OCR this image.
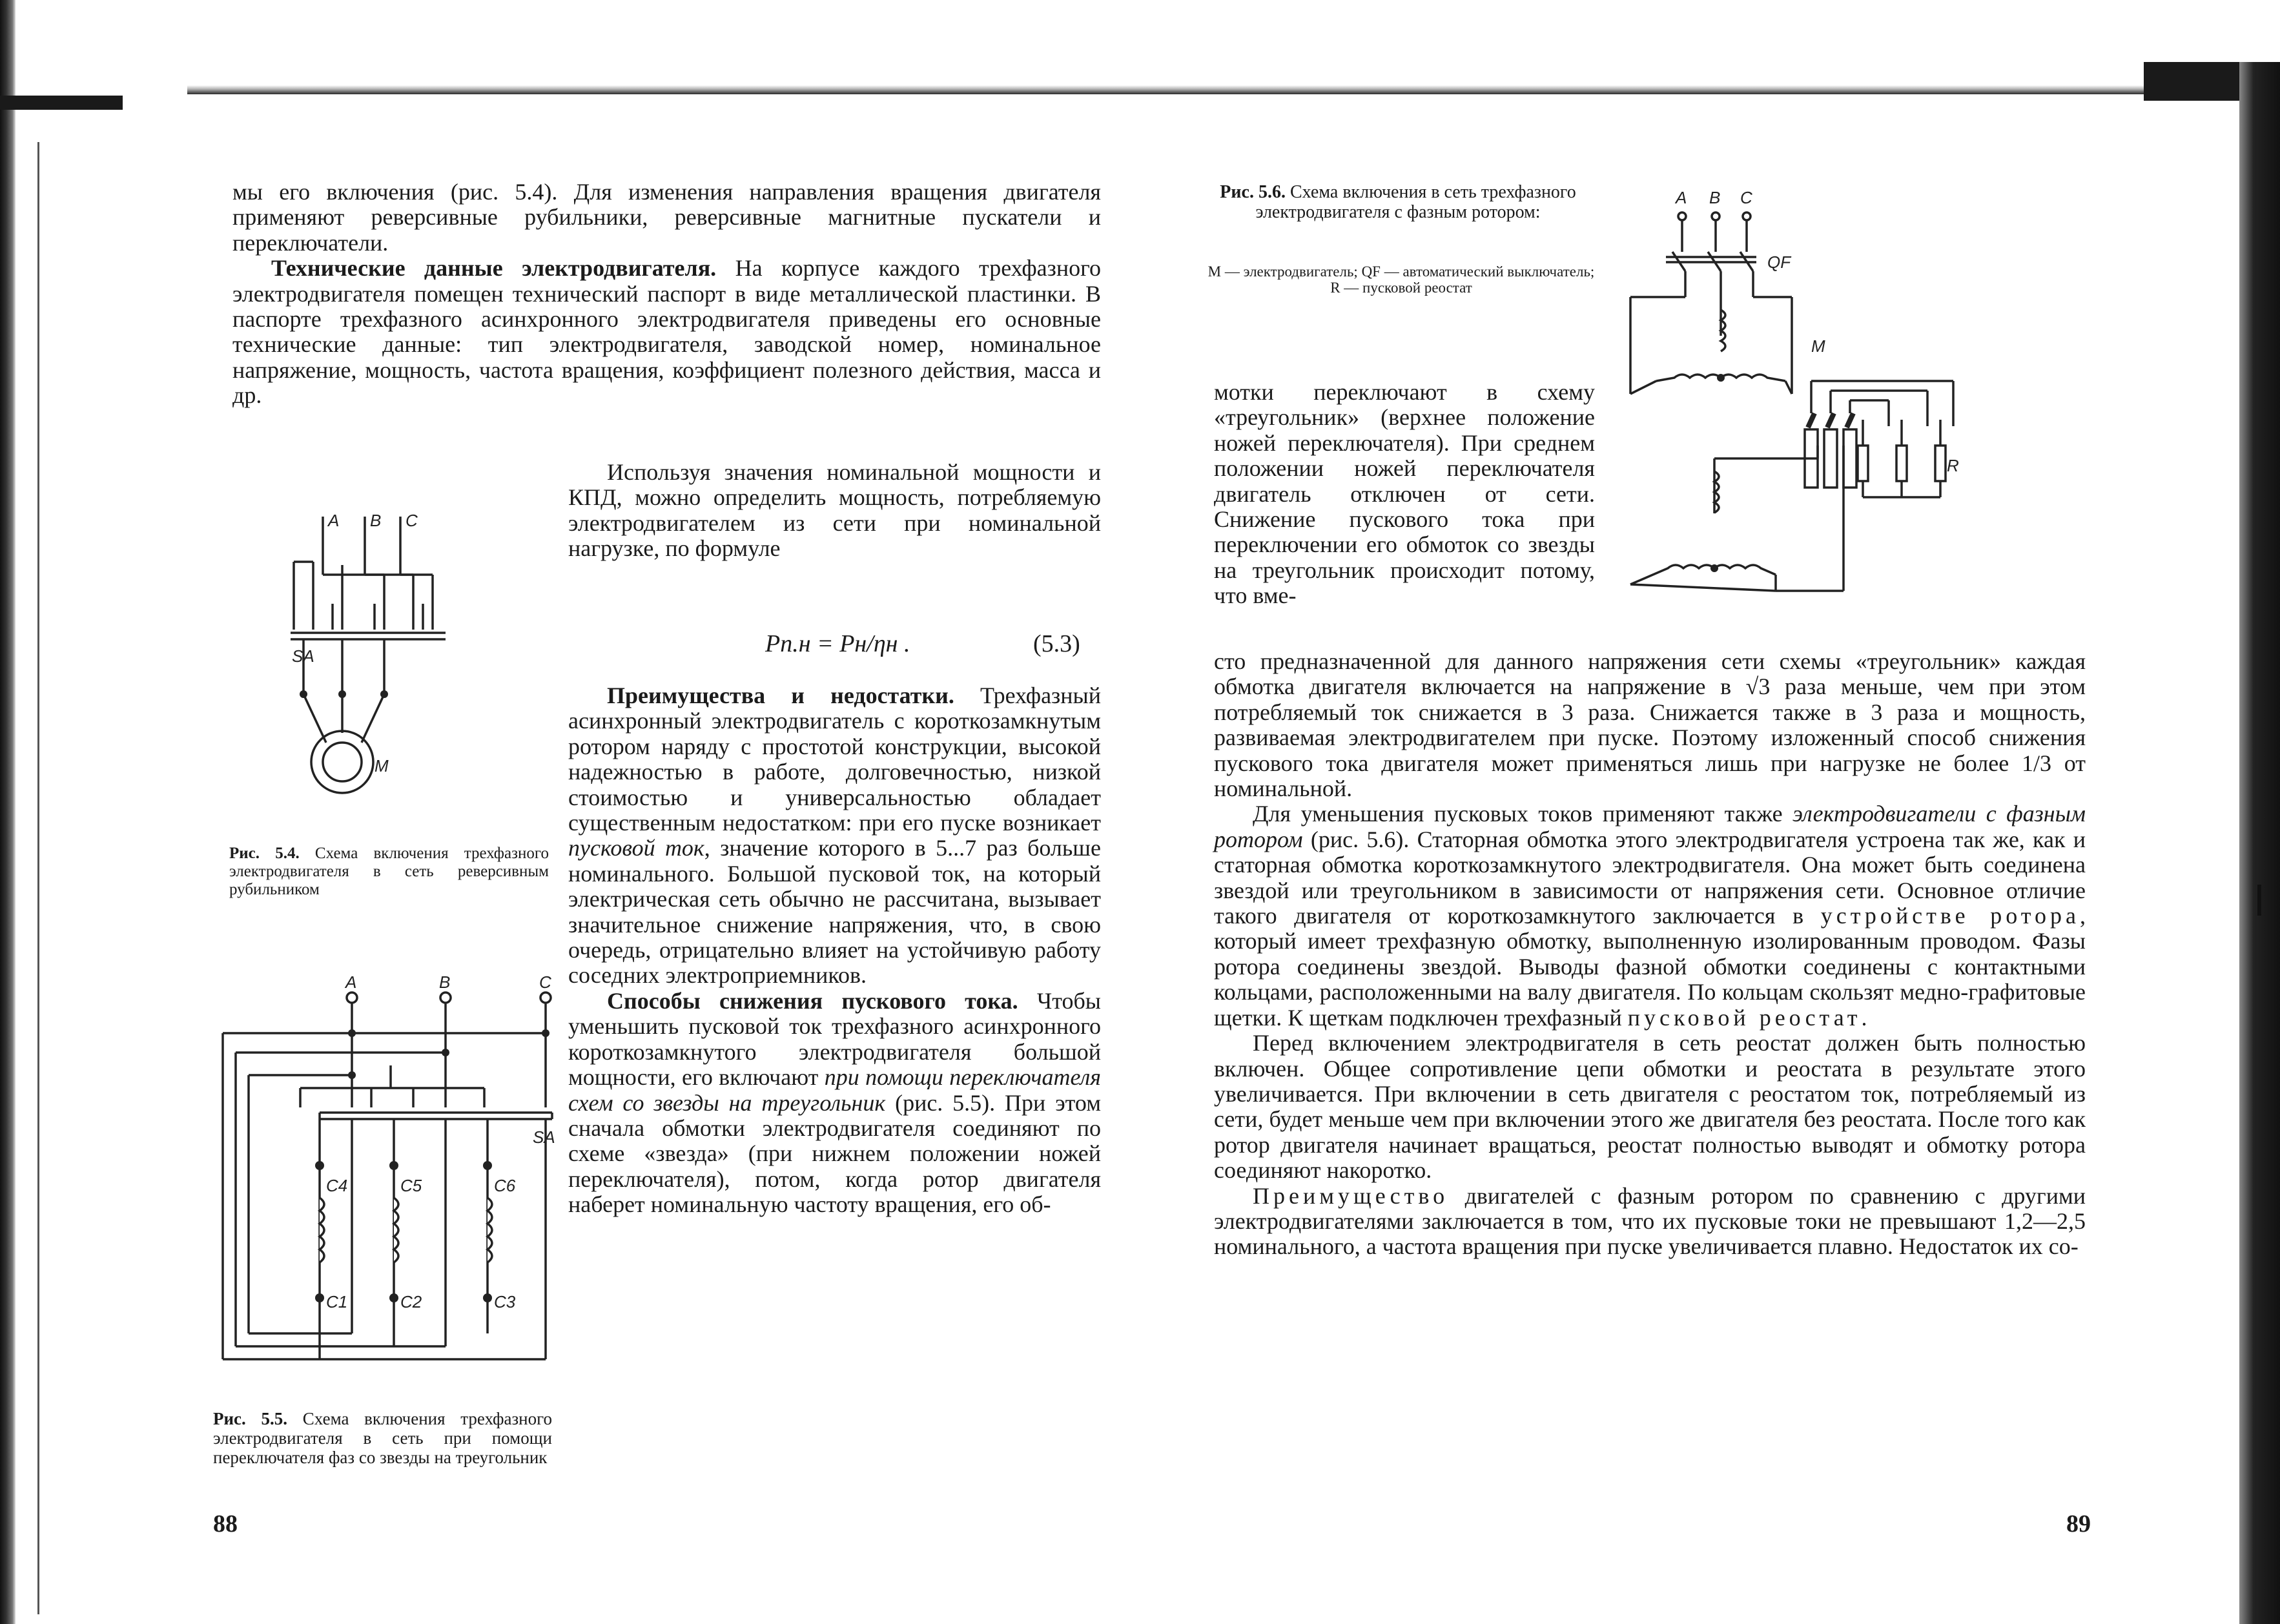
мы его включения (рис. 5.4). Для изменения направления вращения двигателя применяют реверсивные рубильники, реверсивные магнитные пускатели и переключатели.

Технические данные электродвигателя. На корпусе каждого трехфазного электродвигателя помещен технический паспорт в виде металлической пластинки. В паспорте трехфазного асинхронного электродвигателя приведены его основные технические данные: тип электродвигателя, заводской номер, номинальное напряжение, мощность, частота вращения, коэффициент полезного действия, масса и др.

Используя значения номинальной мощности и КПД, можно определить мощность, потребляемую электродвигателем из сети при номинальной нагрузке, по формуле

Pп.н = Pн/ηн .	(5.3)

Преимущества и недостатки. Трехфазный асинхронный электродвигатель с короткозамкнутым ротором наряду с простотой конструкции, высокой надежностью в работе, долговечностью, низкой стоимостью и универсальностью обладает существенным недостатком: при его пуске возникает пусковой ток, значение которого в 5...7 раз больше номинального. Большой пусковой ток, на который электрическая сеть обычно не рассчитана, вызывает значительное снижение напряжения, что, в свою очередь, отрицательно влияет на устойчивую работу соседних электроприемников.

Способы снижения пускового тока. Чтобы уменьшить пусковой ток трехфазного асинхронного короткозамкнутого электродвигателя большой мощности, его включают при помощи переключателя схем со звезды на треугольник (рис. 5.5). При этом сначала обмотки электродвигателя соединяют по схеме «звезда» (при нижнем положении ножей переключателя), потом, когда ротор двигателя наберет номинальную частоту вращения, его об-

A B C
SA
M
Рис. 5.4. Схема включения трехфазного электродвигателя в сеть реверсивным рубильником
A	B	C
SA
C4	C5	C6
C1	C2	C3
Рис. 5.5. Схема включения трехфазного электродвигателя в сеть при помощи переключателя фаз со звезды на треугольник
88
Рис. 5.6. Схема включения в сеть трехфазного электродвигателя с фазным ротором:
M — электродвигатель; QF — автоматический выключатель; R — пусковой реостат
A B C
QF
M
R

мотки переключают в схему «треугольник» (верхнее положение ножей переключателя). При среднем положении ножей переключателя двигатель отключен от сети. Снижение пускового тока при переключении его обмоток со звезды на треугольник происходит потому, что вме-

сто предназначенной для данного напряжения сети схемы «треугольник» каждая обмотка двигателя включается на напряжение в √3 раза меньше, чем при этом потребляемый ток снижается в 3 раза. Снижается также в 3 раза и мощность, развиваемая электродвигателем при пуске. Поэтому изложенный способ снижения пускового тока двигателя может применяться лишь при нагрузке не более 1/3 от номинальной.

Для уменьшения пусковых токов применяют также электродвигатели с фазным ротором (рис. 5.6). Статорная обмотка этого электродвигателя устроена так же, как и статорная обмотка короткозамкнутого электродвигателя. Она может быть соединена звездой или треугольником в зависимости от напряжения сети. Основное отличие такого двигателя от короткозамкнутого заключается в устройстве ротора, который имеет трехфазную обмотку, выполненную изолированным проводом. Фазы ротора соединены звездой. Выводы фазной обмотки соединены с контактными кольцами, расположенными на валу двигателя. По кольцам скользят медно-графитовые щетки. К щеткам подключен трехфазный пусковой реостат.

Перед включением электродвигателя в сеть реостат должен быть полностью включен. Общее сопротивление цепи обмотки и реостата в результате этого увеличивается. При включении в сеть двигателя с реостатом ток, потребляемый из сети, будет меньше чем при включении этого же двигателя без реостата. После того как ротор двигателя начинает вращаться, реостат полностью выводят и обмотку ротора соединяют накоротко.

Преимущество двигателей с фазным ротором по сравнению с другими электродвигателями заключается в том, что их пусковые токи не превышают 1,2—2,5 номинального, а частота вращения при пуске увеличивается плавно. Недостаток их со-

89
